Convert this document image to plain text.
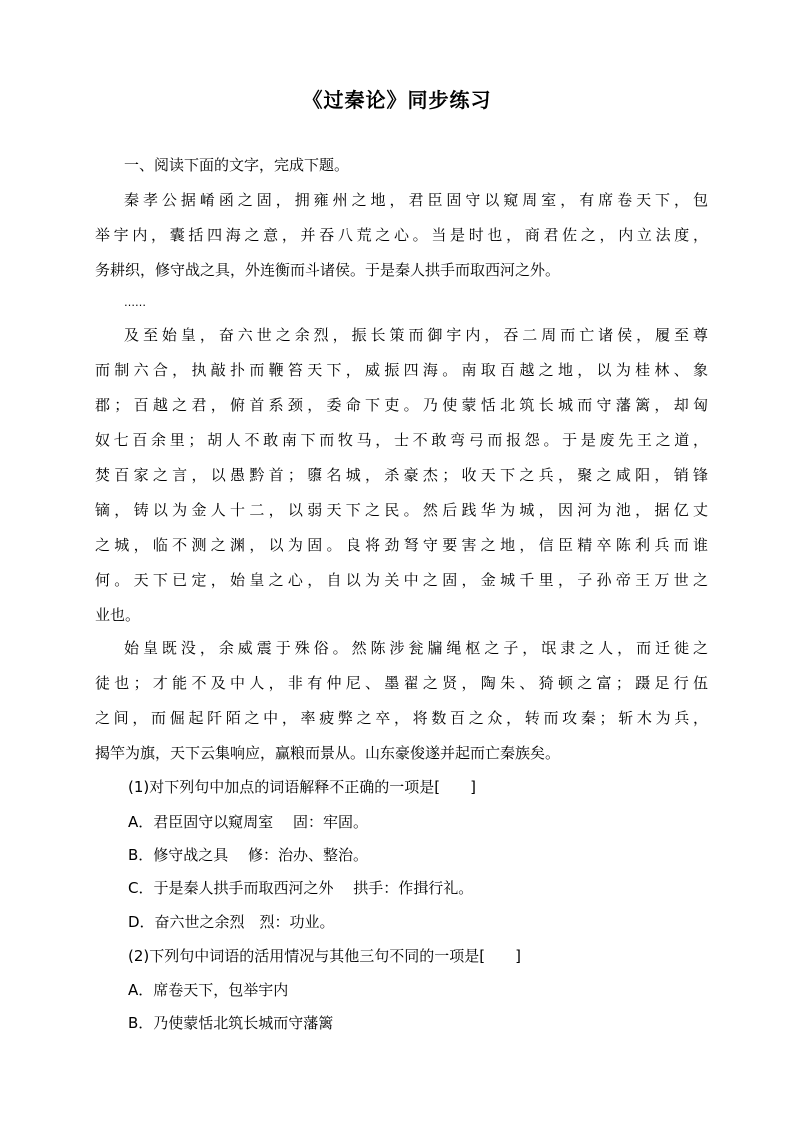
《过秦论》同步练习
一、阅读下面的文字，完成下题。
秦孝公据崤函之固，拥雍州之地，君臣固守以窥周室，有席卷天下，包
举宇内，囊括四海之意，并吞八荒之心。当是时也，商君佐之，内立法度，
务耕织，修守战之具，外连衡而斗诸侯。于是秦人拱手而取西河之外。
……
及至始皇，奋六世之余烈，振长策而御宇内，吞二周而亡诸侯，履至尊
而制六合，执敲扑而鞭笞天下，威振四海。南取百越之地，以为桂林、象
郡；百越之君，俯首系颈，委命下吏。乃使蒙恬北筑长城而守藩篱，却匈
奴七百余里；胡人不敢南下而牧马，士不敢弯弓而报怨。于是废先王之道，
焚百家之言，以愚黔首；隳名城，杀豪杰；收天下之兵，聚之咸阳，销锋
镝，铸以为金人十二，以弱天下之民。然后践华为城，因河为池，据亿丈
之城，临不测之渊，以为固。良将劲弩守要害之地，信臣精卒陈利兵而谁
何。天下已定，始皇之心，自以为关中之固，金城千里，子孙帝王万世之
业也。
始皇既没，余威震于殊俗。然陈涉瓮牖绳枢之子，氓隶之人，而迁徙之
徒也；才能不及中人，非有仲尼、墨翟之贤，陶朱、猗顿之富；蹑足行伍
之间，而倔起阡陌之中，率疲弊之卒，将数百之众，转而攻秦；斩木为兵，
揭竿为旗，天下云集响应，赢粮而景从。山东豪俊遂并起而亡秦族矣。
(1)对下列句中加点的词语解释不正确的一项是[　　]
A．君臣固守以窥周室　 固：牢固。
B．修守战之具　 修：治办、整治。
C．于是秦人拱手而取西河之外　 拱手：作揖行礼。
D．奋六世之余烈　烈：功业。
(2)下列句中词语的活用情况与其他三句不同的一项是[　　]
A．席卷天下，包举宇内
B．乃使蒙恬北筑长城而守藩篱
